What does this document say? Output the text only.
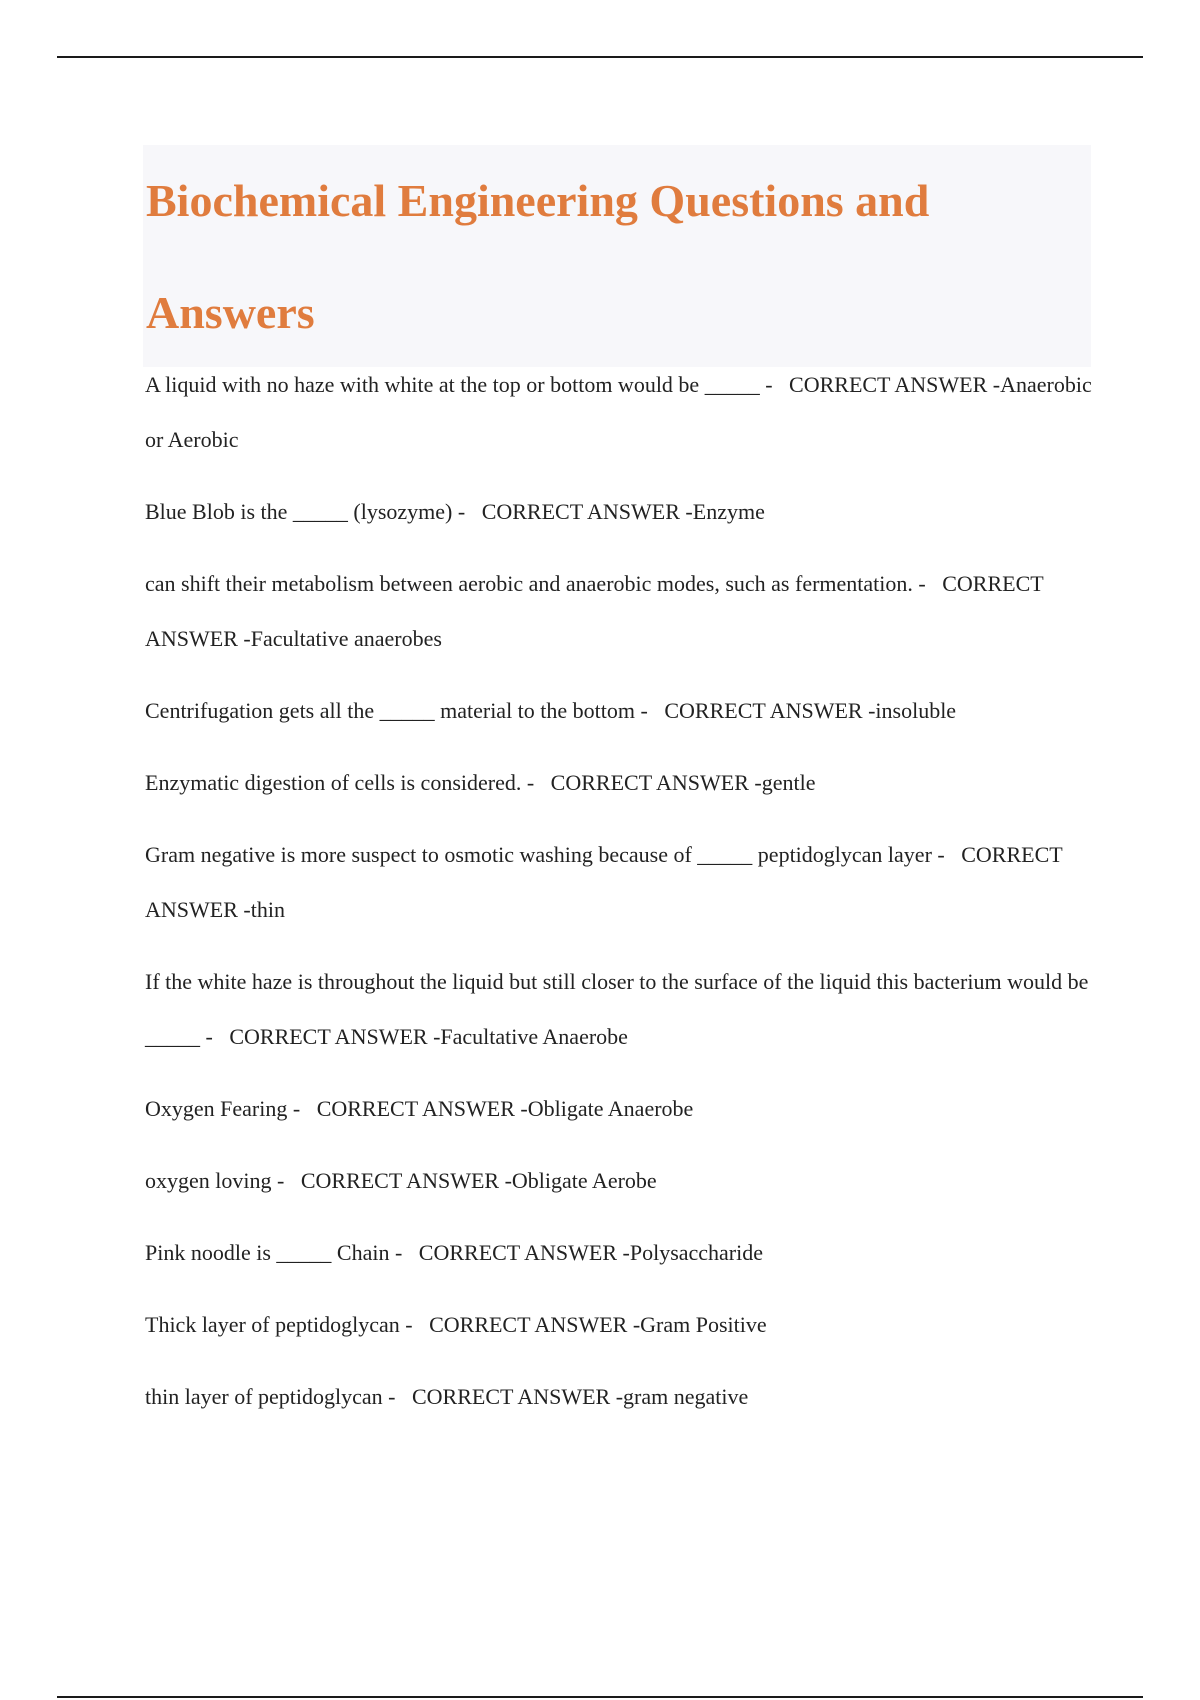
Biochemical Engineering Questions and Answers
A liquid with no haze with white at the top or bottom would be _____ - CORRECT ANSWER -Anaerobic or Aerobic
Blue Blob is the _____ (lysozyme) - CORRECT ANSWER -Enzyme
can shift their metabolism between aerobic and anaerobic modes, such as fermentation. - CORRECT ANSWER -Facultative anaerobes
Centrifugation gets all the _____ material to the bottom - CORRECT ANSWER -insoluble
Enzymatic digestion of cells is considered. - CORRECT ANSWER -gentle
Gram negative is more suspect to osmotic washing because of _____ peptidoglycan layer - CORRECT ANSWER -thin
If the white haze is throughout the liquid but still closer to the surface of the liquid this bacterium would be _____ - CORRECT ANSWER -Facultative Anaerobe
Oxygen Fearing - CORRECT ANSWER -Obligate Anaerobe
oxygen loving - CORRECT ANSWER -Obligate Aerobe
Pink noodle is _____ Chain - CORRECT ANSWER -Polysaccharide
Thick layer of peptidoglycan - CORRECT ANSWER -Gram Positive
thin layer of peptidoglycan - CORRECT ANSWER -gram negative
